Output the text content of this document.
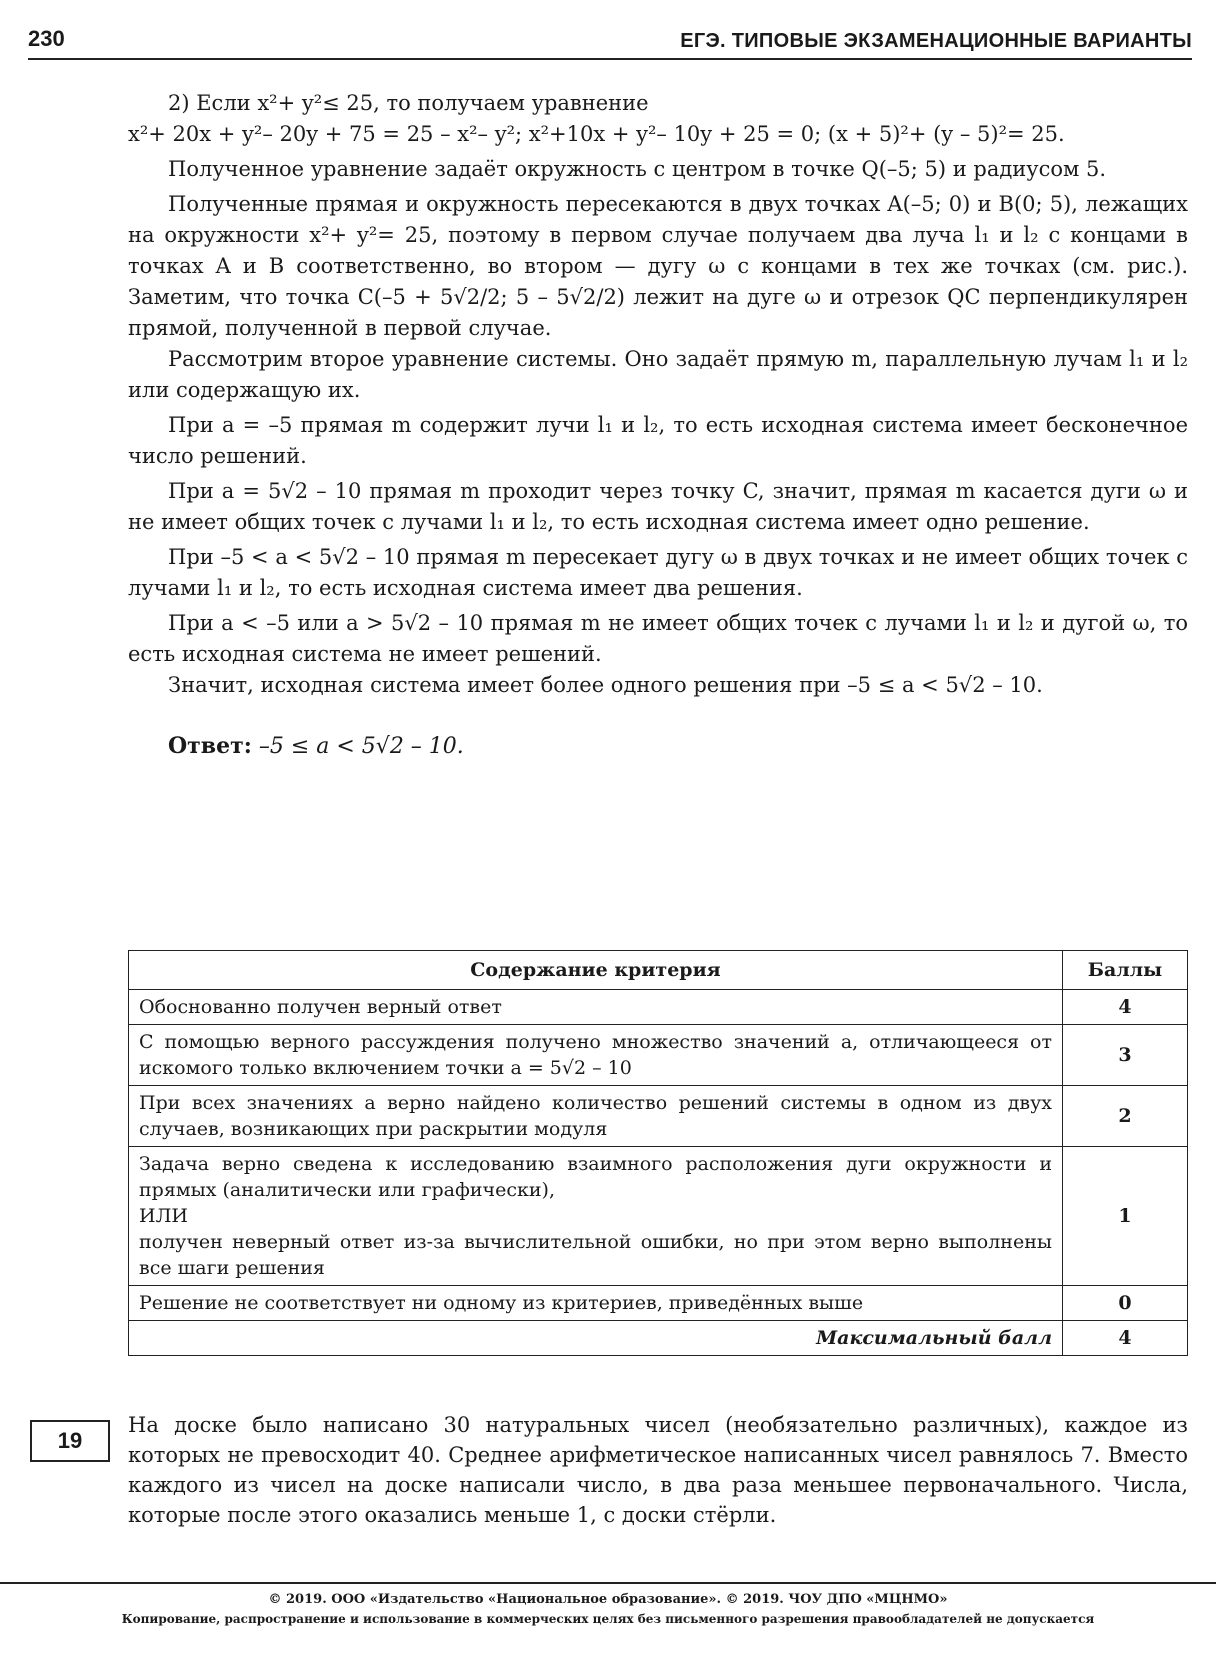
230	ЕГЭ. ТИПОВЫЕ ЭКЗАМЕНАЦИОННЫЕ ВАРИАНТЫ

2) Если x²+ y²≤ 25, то получаем уравнение

x²+ 20x + y²– 20y + 75 = 25 – x²– y²; x²+10x + y²– 10y + 25 = 0; (x + 5)²+ (y – 5)²= 25.

Полученное уравнение задаёт окружность с центром в точке Q(–5; 5) и радиусом 5.

Полученные прямая и окружность пересекаются в двух точках A(–5; 0) и B(0; 5), лежащих на окружности x²+ y²= 25, поэтому в первом случае получаем два луча l₁ и l₂ с концами в точках A и B соответственно, во втором — дугу ω с концами в тех же точках (см. рис.). Заметим, что точка C(–5 + 5√2/2; 5 – 5√2/2) лежит на дуге ω и отрезок QC перпендикулярен прямой, полученной в первой случае.

Рассмотрим второе уравнение системы. Оно задаёт прямую m, параллельную лучам l₁ и l₂ или содержащую их.

При a = –5 прямая m содержит лучи l₁ и l₂, то есть исходная система имеет бесконечное число решений.

При a = 5√2 – 10 прямая m проходит через точку C, значит, прямая m касается дуги ω и не имеет общих точек с лучами l₁ и l₂, то есть исходная система имеет одно решение.

При –5 < a < 5√2 – 10 прямая m пересекает дугу ω в двух точках и не имеет общих точек с лучами l₁ и l₂, то есть исходная система имеет два решения.

При a < –5 или a > 5√2 – 10 прямая m не имеет общих точек с лучами l₁ и l₂ и дугой ω, то есть исходная система не имеет решений.

Значит, исходная система имеет более одного решения при –5 ≤ a < 5√2 – 10.

Ответ: –5 ≤ a < 5√2 – 10.

Содержание критерия	Баллы
Обоснованно получен верный ответ	4
С помощью верного рассуждения получено множество значений a, отличающееся от искомого только включением точки a = 5√2 – 10	3
При всех значениях a верно найдено количество решений системы в одном из двух случаев, возникающих при раскрытии модуля	2

Задача верно сведена к исследованию взаимного расположения дуги окружности и прямых (аналитически или графически),
ИЛИ
получен неверный ответ из-за вычислительной ошибки, но при этом верно выполнены все шаги решения	1
Решение не соответствует ни одному из критериев, приведённых выше	0
Максимальный балл	4
19
На доске было написано 30 натуральных чисел (необязательно различных), каждое из которых не превосходит 40. Среднее арифметическое написанных чисел равнялось 7. Вместо каждого из чисел на доске написали число, в два раза меньшее первоначального. Числа, которые после этого оказались меньше 1, с доски стёрли.
© 2019. ООО «Издательство «Национальное образование». © 2019. ЧОУ ДПО «МЦНМО»
Копирование, распространение и использование в коммерческих целях без письменного разрешения правообладателей не допускается
